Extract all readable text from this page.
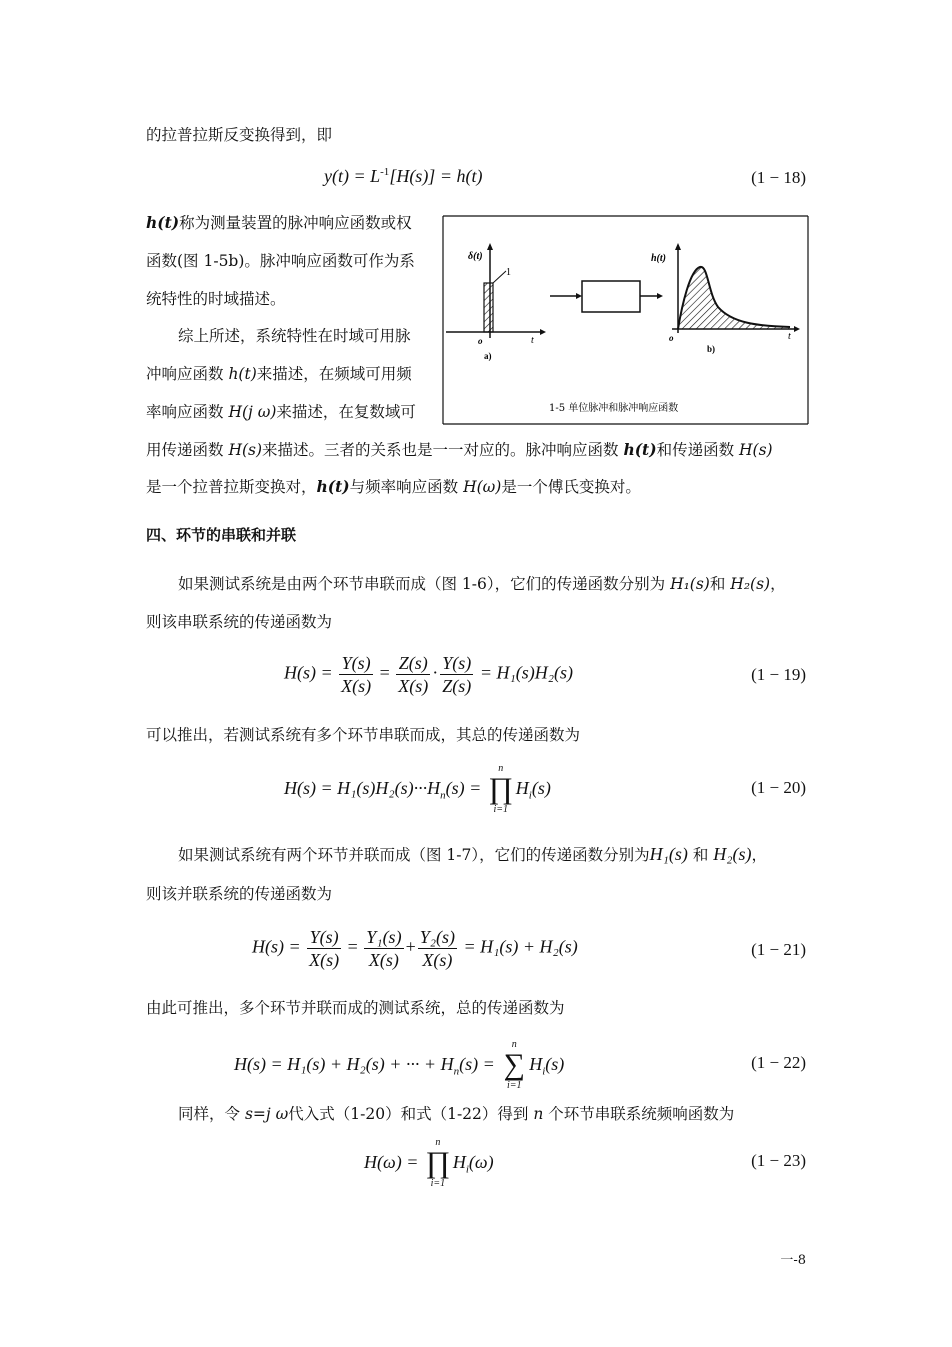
的拉普拉斯反变换得到，即
$y(t) = L^{-1}[H(s)] = h(t)$	(1 − 18)
h(t)称为测量装置的脉冲响应函数或权
函数(图 1-5b)。脉冲响应函数可作为系
统特性的时域描述。
综上所述，系统特性在时域可用脉
冲响应函数 h(t)来描述，在频域可用频
率响应函数 H(j ω)来描述，在复数域可
δ(t)
1
o	t
a)
h(t)
o	t
b)
1-5 单位脉冲和脉冲响应函数
用传递函数 H(s)来描述。三者的关系也是一一对应的。脉冲响应函数 h(t)和传递函数 H(s)
是一个拉普拉斯变换对，h(t)与频率响应函数 H(ω)是一个傅氏变换对。
四、环节的串联和并联
如果测试系统是由两个环节串联而成（图 1-6），它们的传递函数分别为 H₁(s)和 H₂(s)，
则该串联系统的传递函数为
$H(s) = \frac{Y(s)}{X(s)} = \frac{Z(s)}{X(s)} \cdot \frac{Y(s)}{Z(s)} = H_1(s)H_2(s)$	(1 − 19)
可以推出，若测试系统有多个环节串联而成，其总的传递函数为
$H(s) = H_1(s)H_2(s)\cdot\cdot\cdot H_n(s)$ =
n
∏
i=1
$H_i(s)$	(1 − 20)
如果测试系统有两个环节并联而成（图 1-7），它们的传递函数分别为H₁(s) 和 H₂(s)，
则该并联系统的传递函数为
$H(s) = \frac{Y(s)}{X(s)} = \frac{\text{Y₁(s)}}{X(s)} + \frac{\text{Y₂(s)}}{X(s)} = H_1(s) + H_2(s)$	(1 − 21)
由此可推出，多个环节并联而成的测试系统，总的传递函数为
H(s) = H₁(s) + H₂(s) + ··· + $H_n(s)$ =
n
∑
i=1
$H_i(s)$	(1 − 22)
同样，令 s=j ω代入式（1-20）和式（1-22）得到 n 个环节串联系统频响函数为
H(ω) =
n
∏
i=1
$H_i(\omega)$	(1 − 23)
一-8
